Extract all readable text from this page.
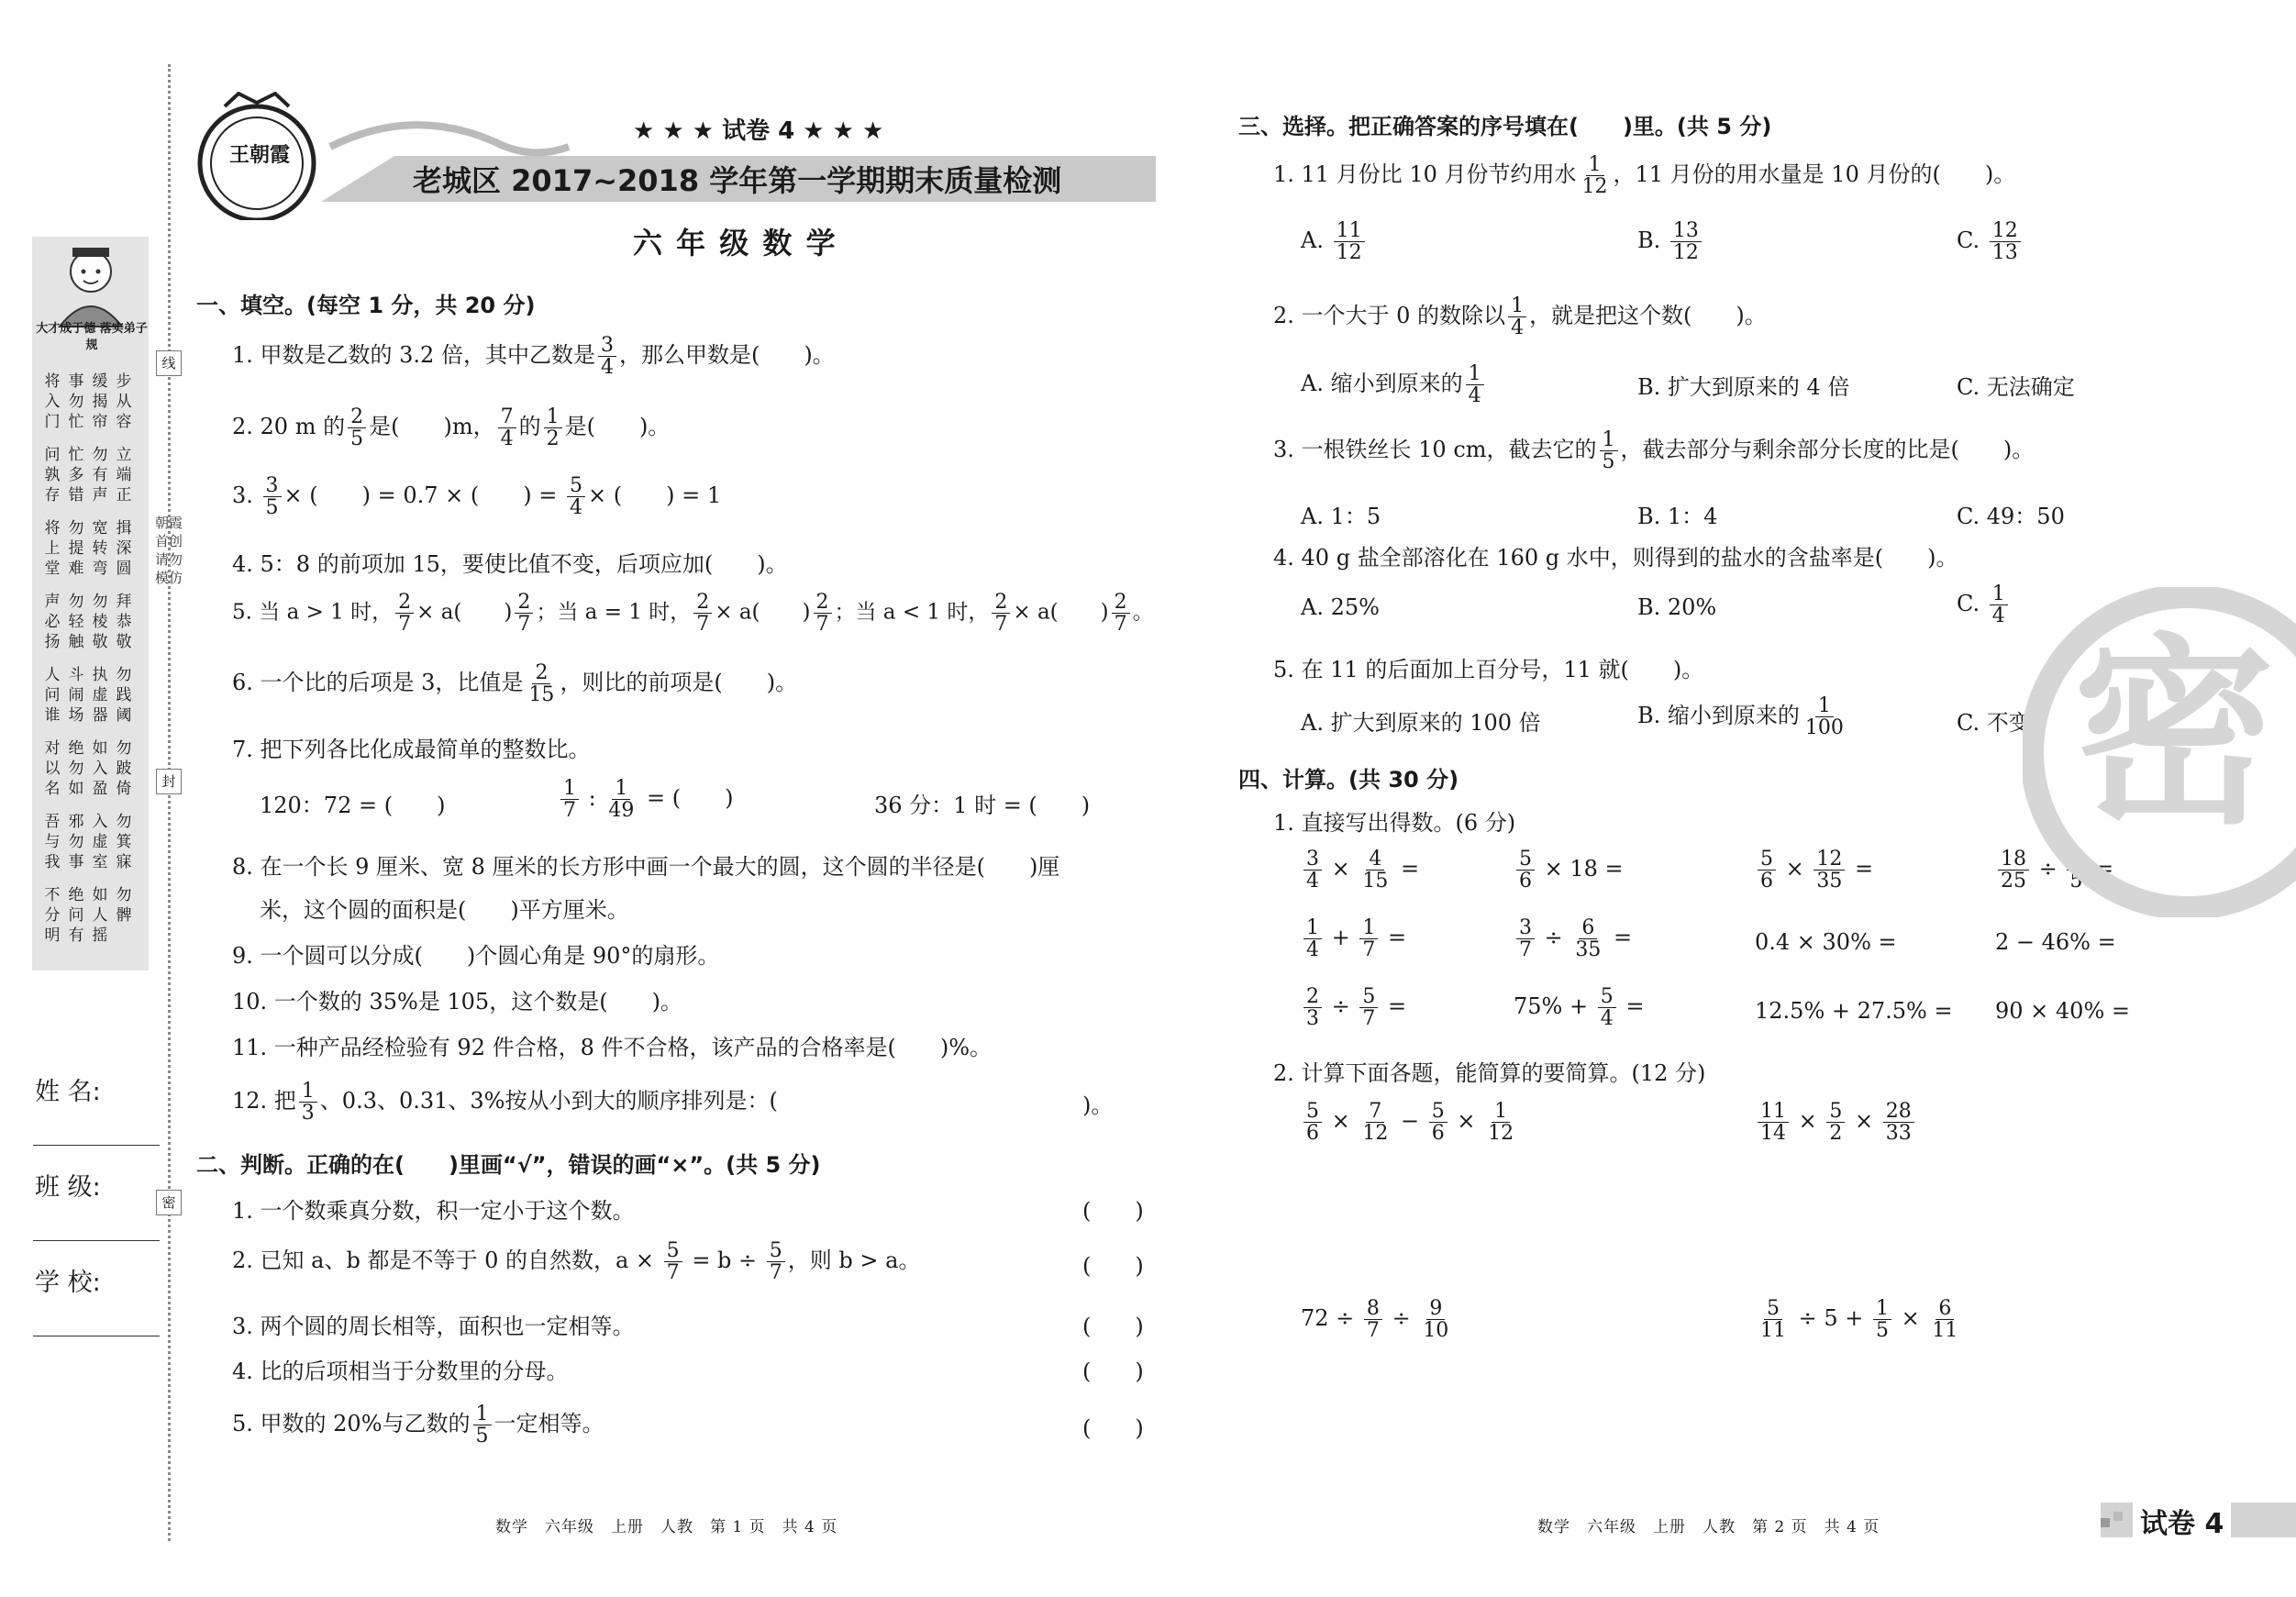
大才成于德 落实弟子规
将入门
事勿忙
缓揭帘
步从容
问孰存
忙多错
勿有声
立端正
将上堂
勿提难
宽转弯
揖深圆
声必扬
勿轻触
勿棱敬
拜恭敬
人问谁
斗闹场
执虚器
勿践阈
对以名
绝勿如
如入盈
勿跛倚
吾与我
邪勿事
入虚室
勿箕寐
不分明
绝问有
如人摇
勿髀
线
封
密
朝霞首创 请勿模仿
姓 名:
班 级:
学 校:
王朝霞
★ ★ ★ 试卷 4 ★ ★ ★
老城区 2017~2018 学年第一学期期末质量检测
六 年 级 数 学
一、填空。(每空 1 分，共 20 分)
1. 甲数是乙数的 3.2 倍，其中乙数是 $\frac{3}{4}$ ，那么甲数是(　　)。
2. 20 m 的 $\frac{2}{5}$ 是(　　)m， $\frac{7}{4}$ 的 $\frac{1}{2}$ 是(　　)。
3. $\frac{3}{5}$ × (　　) = 0.7 × (　　) = $\frac{5}{4}$ × (　　) = 1
4. 5：8 的前项加 15，要使比值不变，后项应加(　　)。
5. 当 a > 1 时， $\frac{2}{7} \times a$(　　) $\frac{2}{7}$ ；当 a = 1 时， $\frac{2}{7} \times a$(　　) $\frac{2}{7}$ ；当 a < 1 时， $\frac{2}{7} \times a$(　　) $\frac{2}{7}$ 。
6. 一个比的后项是 3，比值是 $\frac{2}{15}$ ，则比的前项是(　　)。
7. 把下列各比化成最简单的整数比。
120：72 = (　　)	$\frac{1}{7}$ : $\frac{1}{49}$ = (　　)	36 分：1 时 = (　　)
8. 在一个长 9 厘米、宽 8 厘米的长方形中画一个最大的圆，这个圆的半径是(　　)厘
米，这个圆的面积是(　　)平方厘米。
9. 一个圆可以分成(　　)个圆心角是 90°的扇形。
10. 一个数的 35%是 105，这个数是(　　)。
11. 一种产品经检验有 92 件合格，8 件不合格，该产品的合格率是(　　)%。
12. 把 $\frac{1}{3}$ 、0.3、0.31、3%按从小到大的顺序排列是：(	)。
二、判断。正确的在(　　)里画“√”，错误的画“×”。(共 5 分)
1. 一个数乘真分数，积一定小于这个数。
2. 已知 a、b 都是不等于 0 的自然数，$a \times \frac{5}{7} = b \div \frac{5}{7}$ ，则 b > a。
3. 两个圆的周长相等，面积也一定相等。
4. 比的后项相当于分数里的分母。
5. 甲数的 20%与乙数的 $\frac{1}{5}$ 一定相等。
(　　)
(　　)
(　　)
(　　)
(　　)
数学　六年级　上册　人教　第 1 页　共 4 页
三、选择。把正确答案的序号填在(　　)里。(共 5 分)
1. 11 月份比 10 月份节约用水 $\frac{1}{12}$ ，11 月份的用水量是 10 月份的(　　)。
A. $\frac{11}{12}$	B. $\frac{13}{12}$	C. $\frac{12}{13}$
2. 一个大于 0 的数除以 $\frac{1}{4}$ ，就是把这个数(　　)。
A. 缩小到原来的 $\frac{1}{4}$	B. 扩大到原来的 4 倍	C. 无法确定
3. 一根铁丝长 10 cm，截去它的 $\frac{1}{5}$ ，截去部分与剩余部分长度的比是(　　)。
A. 1：5	B. 1：4	C. 49：50
4. 40 g 盐全部溶化在 160 g 水中，则得到的盐水的含盐率是(　　)。
A. 25%	B. 20%	C. $\frac{1}{4}$
5. 在 11 的后面加上百分号，11 就(　　)。
A. 扩大到原来的 100 倍	B. 缩小到原来的 $\frac{1}{100}$	C. 不变
四、计算。(共 30 分)
1. 直接写出得数。(6 分)
$\frac{3}{4} \times \frac{4}{15}$ =	$\frac{5}{6} \times 18$ =	$\frac{5}{6} \times \frac{12}{35}$ =	$\frac{18}{25} \div \frac{9}{5}$ =
$\frac{1}{4} + \frac{1}{7}$ =	$\frac{3}{7} \div \frac{6}{35}$ =	0.4 × 30% =	2 − 46% =
$\frac{2}{3} \div \frac{5}{7}$ =	$75\% + \frac{5}{4}$ =	12.5% + 27.5% = 90 × 40% =
2. 计算下面各题，能简算的要简算。(12 分)
$\frac{5}{6} \times \frac{7}{12} - \frac{5}{6} \times \frac{1}{12}$	$\frac{11}{14} \times \frac{5}{2} \times \frac{28}{33}$
$72 \div \frac{8}{7} \div \frac{9}{10}$	$\frac{5}{11} \div 5 + \frac{1}{5} \times \frac{6}{11}$
密
数学　六年级　上册　人教　第 2 页　共 4 页	试卷 4
